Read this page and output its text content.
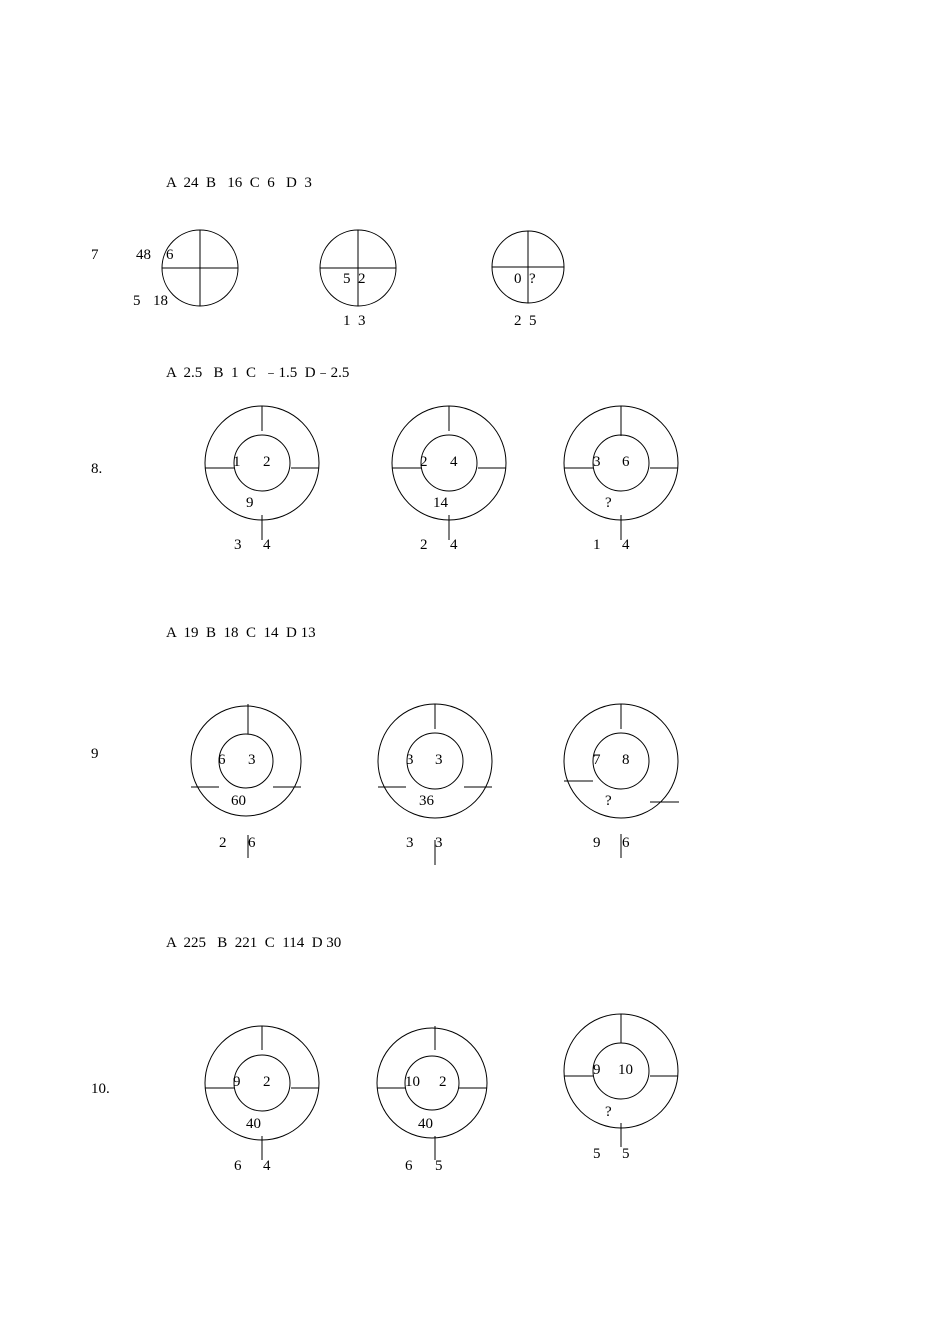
A  24  B   16  C  6   D  3
7	48 6
5 18
5  2
1  3
0  ?
2  5
A  2.5   B  1  C  ﹣1.5  D﹣2.5
8.	1 2
9
3 4
2 4
14
2 4
3 6
?
1 4
A  19  B  18  C  14  D 13
9	6 3
60
2 6
3 3
36
3 3
7 8
?
9 6
A  225   B  221  C  114  D 30
10.	9 2
40
6 4
10 2
40
6 5
9 10
?
5 5
